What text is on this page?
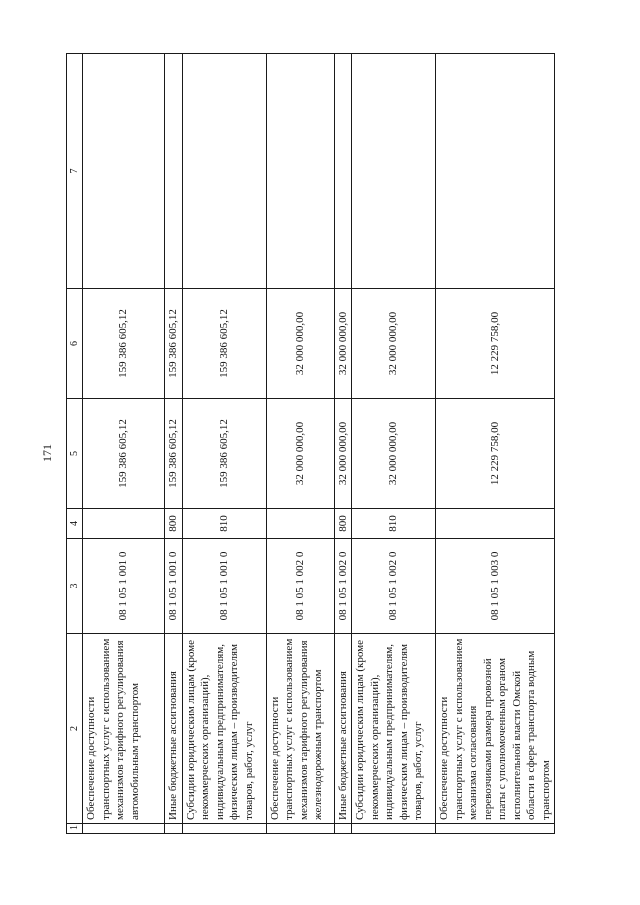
171
1	2	3	4	5	6	7
	Обеспечение доступности транспортных услуг с использованием механизмов тарифного регулирования автомобильным транспортом	08 1 05 1 001 0		159 386 605,12	159 386 605,12	
	Иные бюджетные ассигнования	08 1 05 1 001 0	800	159 386 605,12	159 386 605,12	
	Субсидии юридическим лицам (кроме некоммерческих организаций), индивидуальным предпринимателям, физическим лицам – производителям товаров, работ, услуг	08 1 05 1 001 0	810	159 386 605,12	159 386 605,12	
	Обеспечение доступности транспортных услуг с использованием механизмов тарифного регулирования железнодорожным транспортом	08 1 05 1 002 0		32 000 000,00	32 000 000,00	
	Иные бюджетные ассигнования	08 1 05 1 002 0	800	32 000 000,00	32 000 000,00	
	Субсидии юридическим лицам (кроме некоммерческих организаций), индивидуальным предпринимателям, физическим лицам – производителям товаров, работ, услуг	08 1 05 1 002 0	810	32 000 000,00	32 000 000,00	
	Обеспечение доступности транспортных услуг с использованием механизма согласования перевозчиками размера провозной платы с уполномоченным органом исполнительной власти Омской области в сфере транспорта водным транспортом	08 1 05 1 003 0		12 229 758,00	12 229 758,00	
